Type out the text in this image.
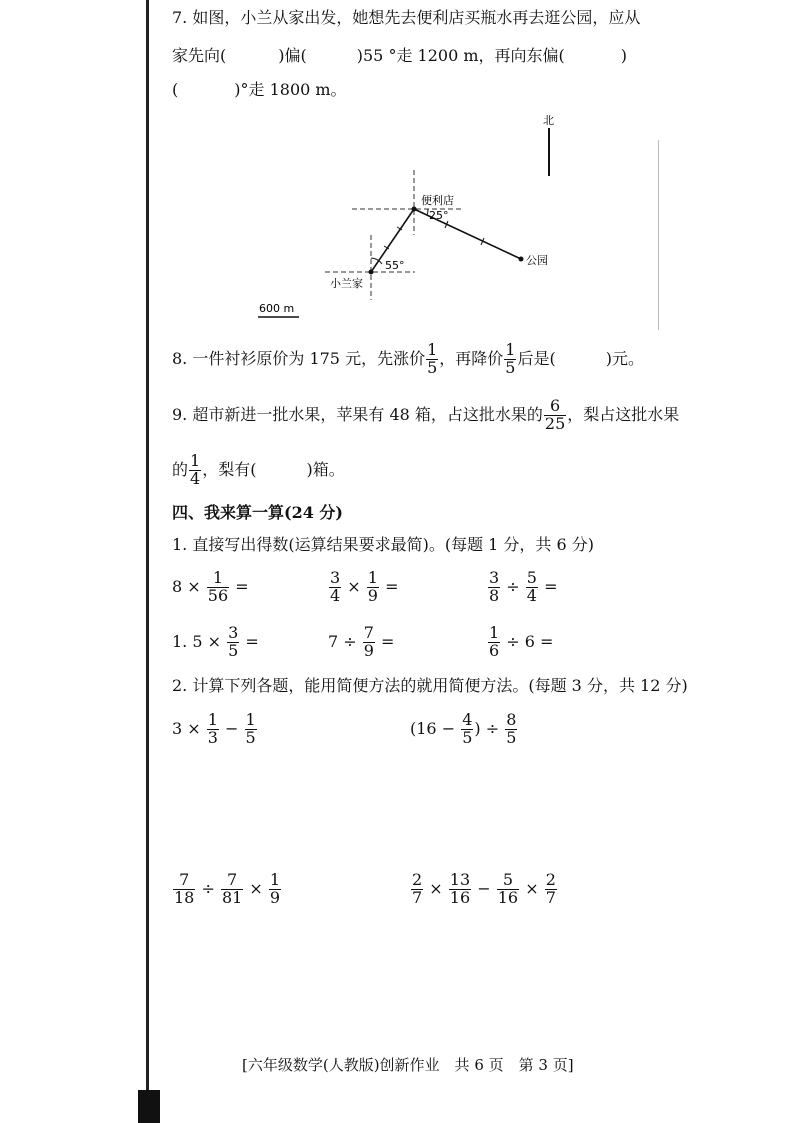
7. 如图，小兰从家出发，她想先去便利店买瓶水再去逛公园，应从
家先向(	)偏(	)55 °走 1200 m，再向东偏(	)
(	)°走 1800 m。
北
便利店
25°
55°
小兰家
公园
600 m
8. 一件衬衫原价为 175 元，先涨价 $\frac{1}{5}$ ，再降价 $\frac{1}{5}$ 后是(	)元。
9. 超市新进一批水果，苹果有 48 箱，占这批水果的 $\frac{6}{25}$ ，梨占这批水果
的 $\frac{1}{4}$ ，梨有(	)箱。
四、我来算一算(24 分)
1. 直接写出得数(运算结果要求最简)。(每题 1 分，共 6 分)
$8 \times \frac{1}{56}$ =	$\frac{3}{4} \times \frac{1}{9}$ =	$\frac{3}{8} \div \frac{5}{4}$ =
1. $5 \times \frac{3}{5}$ =	$7 \div \frac{7}{9}$ =	$\frac{1}{6} \div 6$ =
2. 计算下列各题，能用简便方法的就用简便方法。(每题 3 分，共 12 分)
$3 \times \frac{1}{3} - \frac{1}{5}$	($16 - \frac{4}{5}$ ) ÷ $\frac{8}{5}$
$\frac{7}{18} \div \frac{7}{81} \times \frac{1}{9}$	$\frac{2}{7} \times \frac{13}{16} - \frac{5}{16} \times \frac{2}{7}$
[六年级数学(人教版)创新作业　共 6 页　第 3 页]
